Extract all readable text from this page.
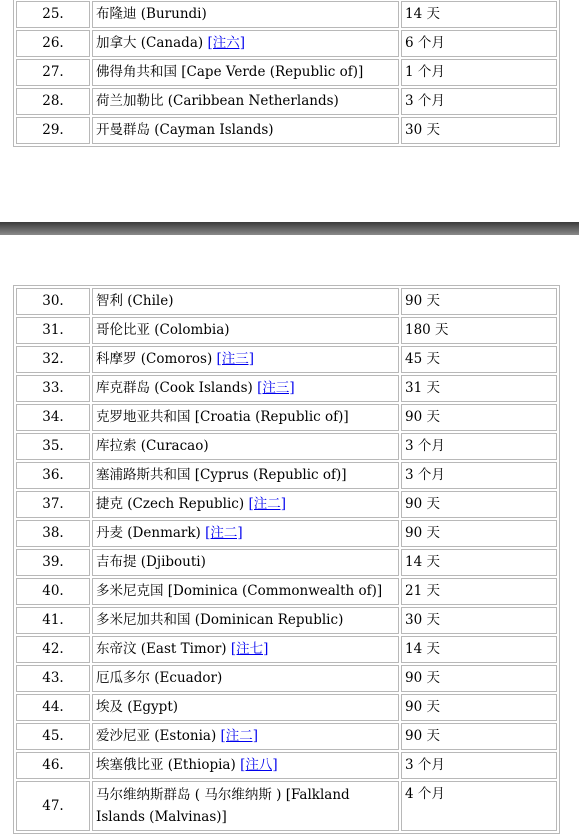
25.	布隆迪 (Burundi)	14 天
26.	加拿大 (Canada) [注六]	6 个月
27.	佛得角共和国 [Cape Verde (Republic of)]	1 个月
28.	荷兰加勒比 (Caribbean Netherlands)	3 个月
29.	开曼群岛 (Cayman Islands)	30 天
30.	智利 (Chile)	90 天
31.	哥伦比亚 (Colombia)	180 天
32.	科摩罗 (Comoros) [注三]	45 天
33.	库克群岛 (Cook Islands) [注三]	31 天
34.	克罗地亚共和国 [Croatia (Republic of)]	90 天
35.	库拉索 (Curacao)	3 个月
36.	塞浦路斯共和国 [Cyprus (Republic of)]	3 个月
37.	捷克 (Czech Republic) [注二]	90 天
38.	丹麦 (Denmark) [注二]	90 天
39.	吉布提 (Djibouti)	14 天
40.	多米尼克国 [Dominica (Commonwealth of)]	21 天
41.	多米尼加共和国 (Dominican Republic)	30 天
42.	东帝汶 (East Timor) [注七]	14 天
43.	厄瓜多尔 (Ecuador)	90 天
44.	埃及 (Egypt)	90 天
45.	爱沙尼亚 (Estonia) [注二]	90 天
46.	埃塞俄比亚 (Ethiopia) [注八]	3 个月
47.	马尔维纳斯群岛 ( 马尔维纳斯 ) [Falkland Islands (Malvinas)]	4 个月
